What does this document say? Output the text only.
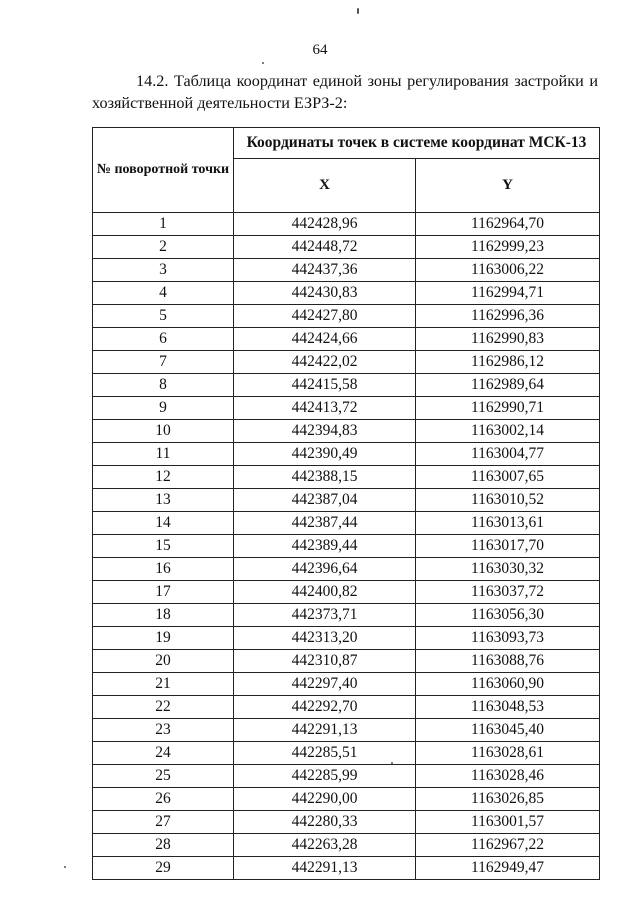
64
14.2. Таблица координат единой зоны регулирования застройки и
хозяйственной деятельности ЕЗРЗ-2:
№ поворотной точки	Координаты точек в системе координат МСК-13	
	X	Y
1	442428,96	1162964,70
2	442448,72	1162999,23
3	442437,36	1163006,22
4	442430,83	1162994,71
5	442427,80	1162996,36
6	442424,66	1162990,83
7	442422,02	1162986,12
8	442415,58	1162989,64
9	442413,72	1162990,71
10	442394,83	1163002,14
11	442390,49	1163004,77
12	442388,15	1163007,65
13	442387,04	1163010,52
14	442387,44	1163013,61
15	442389,44	1163017,70
16	442396,64	1163030,32
17	442400,82	1163037,72
18	442373,71	1163056,30
19	442313,20	1163093,73
20	442310,87	1163088,76
21	442297,40	1163060,90
22	442292,70	1163048,53
23	442291,13	1163045,40
24	442285,51	1163028,61
25	442285,99	1163028,46
26	442290,00	1163026,85
27	442280,33	1163001,57
28	442263,28	1162967,22
29	442291,13	1162949,47
